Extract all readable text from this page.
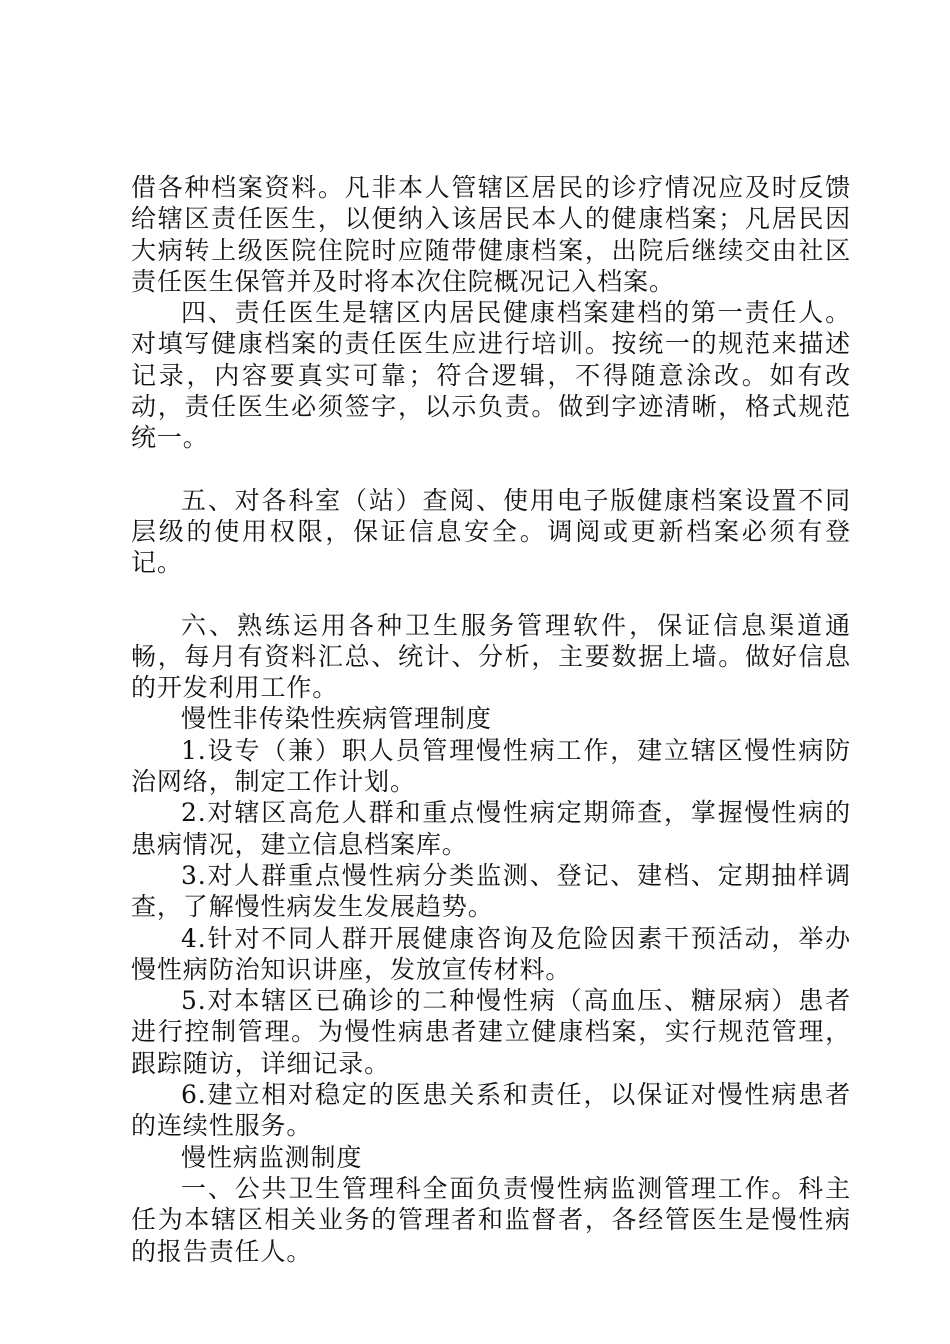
借各种档案资料。凡非本人管辖区居民的诊疗情况应及时反馈给辖区责任医生，以便纳入该居民本人的健康档案；凡居民因大病转上级医院住院时应随带健康档案，出院后继续交由社区责任医生保管并及时将本次住院概况记入档案。

四、责任医生是辖区内居民健康档案建档的第一责任人。对填写健康档案的责任医生应进行培训。按统一的规范来描述记录，内容要真实可靠；符合逻辑，不得随意涂改。如有改动，责任医生必须签字，以示负责。做到字迹清晰，格式规范统一。

五、对各科室（站）查阅、使用电子版健康档案设置不同层级的使用权限，保证信息安全。调阅或更新档案必须有登记。

六、熟练运用各种卫生服务管理软件，保证信息渠道通畅，每月有资料汇总、统计、分析，主要数据上墙。做好信息的开发利用工作。

慢性非传染性疾病管理制度

1.设专（兼）职人员管理慢性病工作，建立辖区慢性病防治网络，制定工作计划。

2.对辖区高危人群和重点慢性病定期筛查，掌握慢性病的患病情况，建立信息档案库。

3.对人群重点慢性病分类监测、登记、建档、定期抽样调查，了解慢性病发生发展趋势。

4.针对不同人群开展健康咨询及危险因素干预活动，举办慢性病防治知识讲座，发放宣传材料。

5.对本辖区已确诊的二种慢性病（高血压、糖尿病）患者进行控制管理。为慢性病患者建立健康档案，实行规范管理，跟踪随访，详细记录。

6.建立相对稳定的医患关系和责任，以保证对慢性病患者的连续性服务。

慢性病监测制度

一、公共卫生管理科全面负责慢性病监测管理工作。科主任为本辖区相关业务的管理者和监督者，各经管医生是慢性病的报告责任人。
